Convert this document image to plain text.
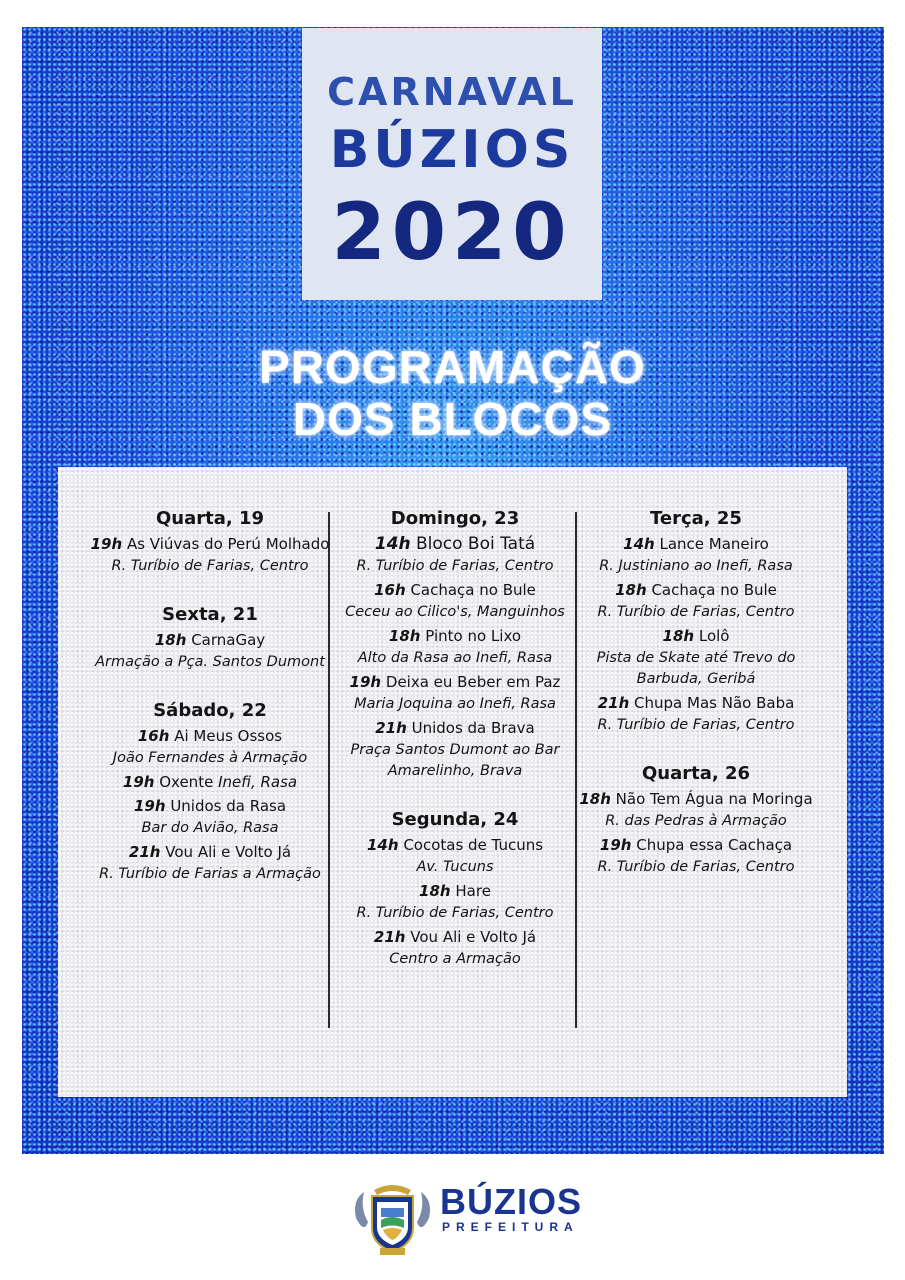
CARNAVAL
BÚZIOS
2020
PROGRAMAÇÃO
DOS BLOCOS
Quarta, 19
19h As Viúvas do Perú Molhado
R. Turíbio de Farias, Centro
Sexta, 21
18h CarnaGay
Armação a Pça. Santos Dumont
Sábado, 22
16h Ai Meus Ossos
João Fernandes à Armação
19h Oxente Inefi, Rasa
19h Unidos da Rasa
Bar do Avião, Rasa
21h Vou Ali e Volto Já
R. Turíbio de Farias a Armação
Domingo, 23
14h Bloco Boi Tatá
R. Turíbio de Farias, Centro
16h Cachaça no Bule
Ceceu ao Cilico's, Manguinhos
18h Pinto no Lixo
Alto da Rasa ao Inefi, Rasa
19h Deixa eu Beber em Paz
Maria Joquina ao Inefi, Rasa
21h Unidos da Brava
Praça Santos Dumont ao Bar Amarelinho, Brava
Segunda, 24
14h Cocotas de Tucuns
Av. Tucuns
18h Hare
R. Turíbio de Farias, Centro
21h Vou Ali e Volto Já
Centro a Armação
Terça, 25
14h Lance Maneiro
R. Justiniano ao Inefi, Rasa
18h Cachaça no Bule
R. Turíbio de Farias, Centro
18h Lolô
Pista de Skate até Trevo do Barbuda, Geribá
21h Chupa Mas Não Baba
R. Turíbio de Farias, Centro
Quarta, 26
18h Não Tem Água na Moringa
R. das Pedras à Armação
19h Chupa essa Cachaça
R. Turíbio de Farias, Centro
BÚZIOS
PREFEITURA
